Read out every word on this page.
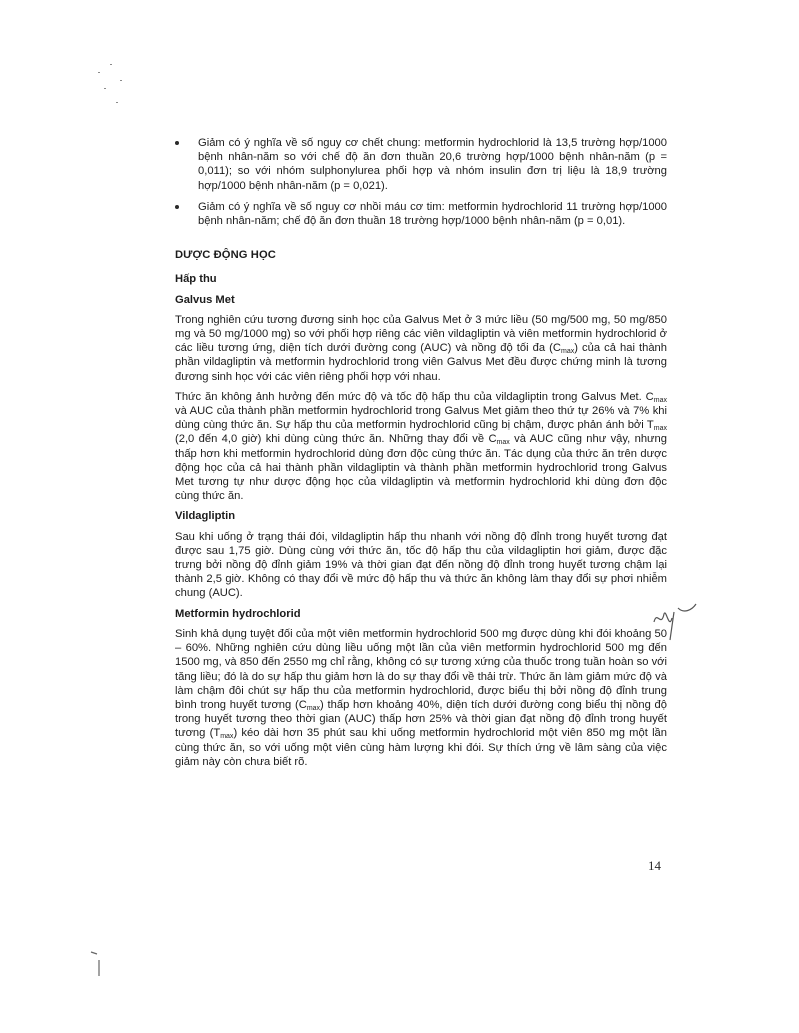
Giảm có ý nghĩa về số nguy cơ chết chung: metformin hydrochlorid là 13,5 trường hợp/1000 bệnh nhân-năm so với chế độ ăn đơn thuần 20,6 trường hợp/1000 bệnh nhân-năm (p = 0,011); so với nhóm sulphonylurea phối hợp và nhóm insulin đơn trị liệu là 18,9 trường hợp/1000 bệnh nhân-năm (p = 0,021).
Giảm có ý nghĩa về số nguy cơ nhồi máu cơ tim: metformin hydrochlorid 11 trường hợp/1000 bệnh nhân-năm; chế độ ăn đơn thuần 18 trường hợp/1000 bệnh nhân-năm (p = 0,01).
DƯỢC ĐỘNG HỌC
Hấp thu
Galvus Met

Trong nghiên cứu tương đương sinh học của Galvus Met ở 3 mức liều (50 mg/500 mg, 50 mg/850 mg và 50 mg/1000 mg) so với phối hợp riêng các viên vildagliptin và viên metformin hydrochlorid ở các liều tương ứng, diện tích dưới đường cong (AUC) và nồng độ tối đa $(C_{max})$ của cả hai thành phần vildagliptin và metformin hydrochlorid trong viên Galvus Met đều được chứng minh là tương đương sinh học với các viên riêng phối hợp với nhau.

Thức ăn không ảnh hưởng đến mức độ và tốc độ hấp thu của vildagliptin trong Galvus Met. $C_{max}$ và AUC của thành phần metformin hydrochlorid trong Galvus Met giảm theo thứ tự 26% và 7% khi dùng cùng thức ăn. Sự hấp thu của metformin hydrochlorid cũng bị chậm, được phản ánh bởi $T_{max}$ (2,0 đến 4,0 giờ) khi dùng cùng thức ăn. Những thay đổi về $C_{max}$ và AUC cũng như vậy, nhưng thấp hơn khi metformin hydrochlorid dùng đơn độc cùng thức ăn. Tác dụng của thức ăn trên dược động học của cả hai thành phần vildagliptin và thành phần metformin hydrochlorid trong Galvus Met tương tự như dược động học của vildagliptin và metformin hydrochlorid khi dùng đơn độc cùng thức ăn.

Vildagliptin

Sau khi uống ở trạng thái đói, vildagliptin hấp thu nhanh với nồng độ đỉnh trong huyết tương đạt được sau 1,75 giờ. Dùng cùng với thức ăn, tốc độ hấp thu của vildagliptin hơi giảm, được đặc trưng bởi nồng độ đỉnh giảm 19% và thời gian đạt đến nồng độ đỉnh trong huyết tương chậm lại thành 2,5 giờ. Không có thay đổi về mức độ hấp thu và thức ăn không làm thay đổi sự phơi nhiễm chung (AUC).

Metformin hydrochlorid

Sinh khả dụng tuyệt đối của một viên metformin hydrochlorid 500 mg được dùng khi đói khoảng 50 – 60%. Những nghiên cứu dùng liều uống một lần của viên metformin hydrochlorid 500 mg đến 1500 mg, và 850 đến 2550 mg chỉ rằng, không có sự tương xứng của thuốc trong tuần hoàn so với tăng liều; đó là do sự hấp thu giảm hơn là do sự thay đổi về thải trừ. Thức ăn làm giảm mức độ và làm chậm đôi chút sự hấp thu của metformin hydrochlorid, được biểu thị bởi nồng độ đỉnh trung bình trong huyết tương $(C_{max})$ thấp hơn khoảng 40%, diện tích dưới đường cong biểu thị nồng độ trong huyết tương theo thời gian (AUC) thấp hơn 25% và thời gian đạt nồng độ đỉnh trong huyết tương $(T_{max})$ kéo dài hơn 35 phút sau khi uống metformin hydrochlorid một viên 850 mg một lần cùng thức ăn, so với uống một viên cùng hàm lượng khi đói. Sự thích ứng về lâm sàng của việc giảm này còn chưa biết rõ.

14
